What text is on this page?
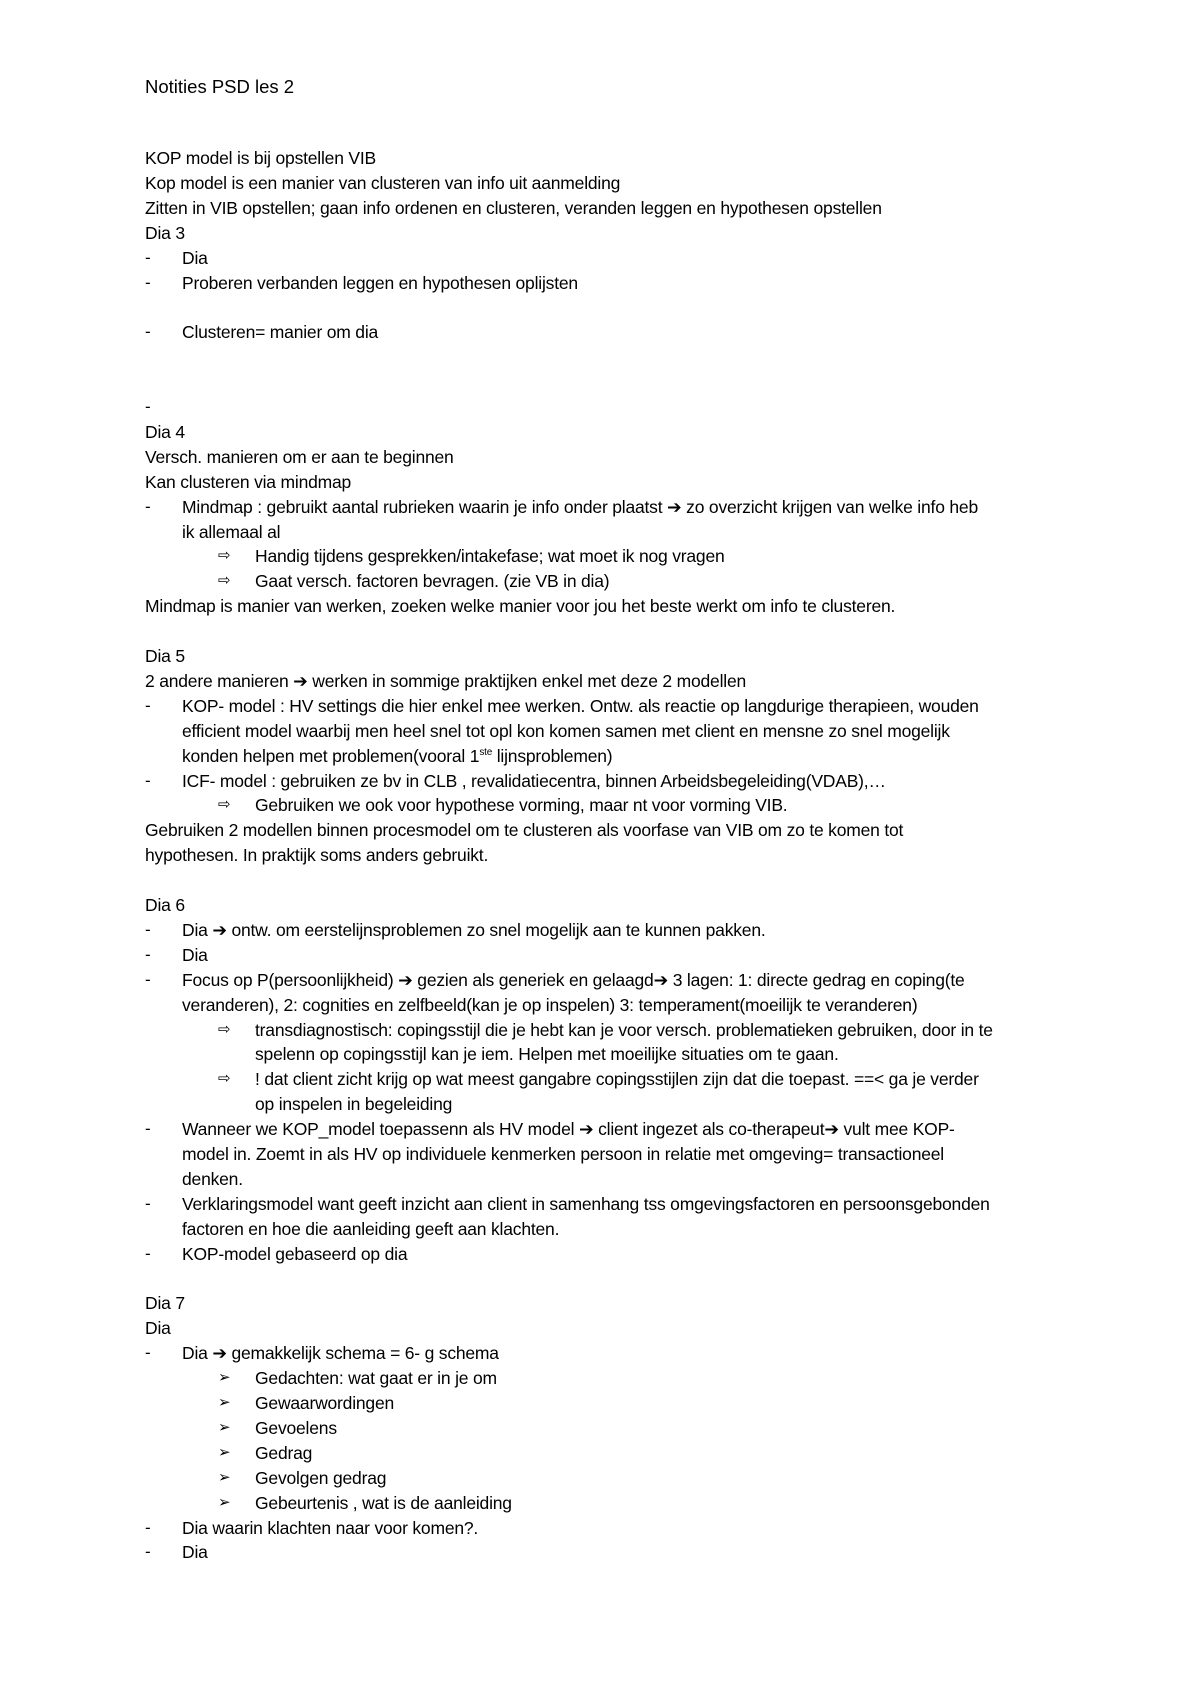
Notities PSD les 2
KOP model is bij opstellen VIB
Kop model is een manier van clusteren van info uit aanmelding
Zitten in VIB opstellen; gaan info ordenen en clusteren, veranden leggen en hypothesen opstellen
Dia 3
- Dia
- Proberen verbanden leggen en hypothesen oplijsten
- Clusteren= manier om dia
-
Dia 4
Versch. manieren om er aan te beginnen
Kan clusteren via mindmap
- Mindmap : gebruikt aantal rubrieken waarin je info onder plaatst ➔ zo overzicht krijgen van welke info heb
ik allemaal al
⇨ Handig tijdens gesprekken/intakefase; wat moet ik nog vragen
⇨ Gaat versch. factoren bevragen. (zie VB in dia)
Mindmap is manier van werken, zoeken welke manier voor jou het beste werkt om info te clusteren.
Dia 5
2 andere manieren ➔ werken in sommige praktijken enkel met deze 2 modellen
- KOP- model : HV settings die hier enkel mee werken. Ontw. als reactie op langdurige therapieen, wouden
efficient model waarbij men heel snel tot opl kon komen samen met client en mensne zo snel mogelijk
konden helpen met problemen(vooral 1ste lijnsproblemen)
- ICF- model : gebruiken ze bv in CLB , revalidatiecentra, binnen Arbeidsbegeleiding(VDAB),…
⇨ Gebruiken we ook voor hypothese vorming, maar nt voor vorming VIB.
Gebruiken 2 modellen binnen procesmodel om te clusteren als voorfase van VIB om zo te komen tot
hypothesen. In praktijk soms anders gebruikt.
Dia 6
- Dia ➔ ontw. om eerstelijnsproblemen zo snel mogelijk aan te kunnen pakken.
- Dia
- Focus op P(persoonlijkheid) ➔ gezien als generiek en gelaagd➔ 3 lagen: 1: directe gedrag en coping(te
veranderen), 2: cognities en zelfbeeld(kan je op inspelen) 3: temperament(moeilijk te veranderen)
⇨ transdiagnostisch: copingsstijl die je hebt kan je voor versch. problematieken gebruiken, door in te
spelenn op copingsstijl kan je iem. Helpen met moeilijke situaties om te gaan.
⇨ ! dat client zicht krijg op wat meest gangabre copingsstijlen zijn dat die toepast. ==< ga je verder
op inspelen in begeleiding
- Wanneer we KOP_model toepassenn als HV model ➔ client ingezet als co-therapeut➔ vult mee KOP-
model in. Zoemt in als HV op individuele kenmerken persoon in relatie met omgeving= transactioneel
denken.
- Verklaringsmodel want geeft inzicht aan client in samenhang tss omgevingsfactoren en persoonsgebonden
factoren en hoe die aanleiding geeft aan klachten.
- KOP-model gebaseerd op dia
Dia 7
Dia
- Dia ➔ gemakkelijk schema = 6- g schema
➢ Gedachten: wat gaat er in je om
➢ Gewaarwordingen
➢ Gevoelens
➢ Gedrag
➢ Gevolgen gedrag
➢ Gebeurtenis , wat is de aanleiding
- Dia waarin klachten naar voor komen?.
- Dia
